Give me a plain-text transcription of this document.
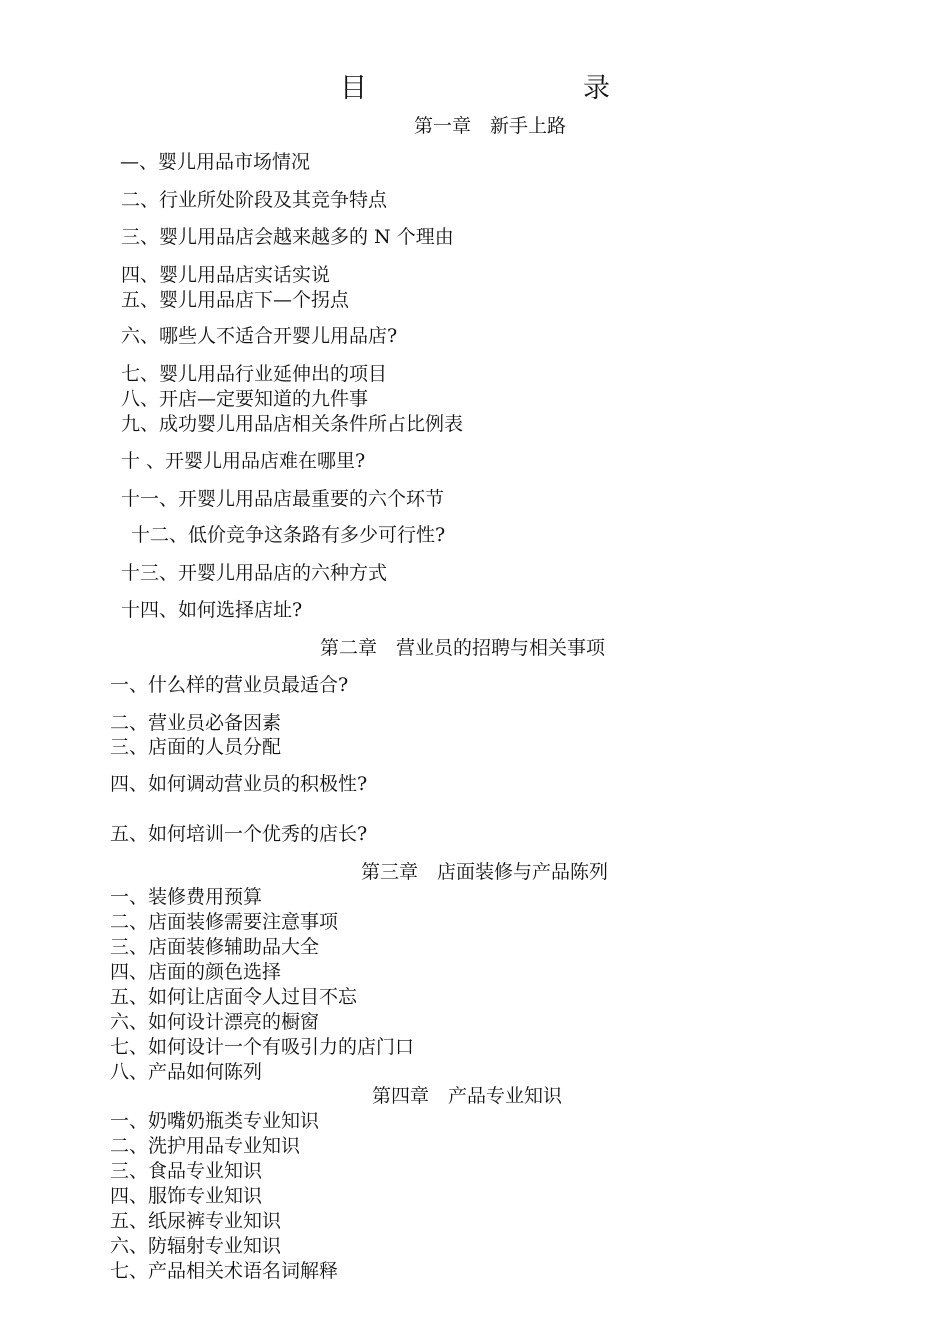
目　　录
第一章　新手上路
—、婴儿用品市场情况
二、行业所处阶段及其竞争特点
三、婴儿用品店会越来越多的 N 个理由
四、婴儿用品店实话实说
五、婴儿用品店下—个拐点
六、哪些人不适合开婴儿用品店?
七、婴儿用品行业延伸出的项目
八、开店—定要知道的九件事
九、成功婴儿用品店相关条件所占比例表
十 、开婴儿用品店难在哪里?
十一、开婴儿用品店最重要的六个环节
十二、低价竞争这条路有多少可行性?
十三、开婴儿用品店的六种方式
十四、如何选择店址?
第二章　营业员的招聘与相关事项
一、什么样的营业员最适合?
二、营业员必备因素
三、店面的人员分配
四、如何调动营业员的积极性?
五、如何培训一个优秀的店长?
第三章　店面装修与产品陈列
一、装修费用预算
二、店面装修需要注意事项
三、店面装修辅助品大全
四、店面的颜色选择
五、如何让店面令人过目不忘
六、如何设计漂亮的橱窗
七、如何设计一个有吸引力的店门口
八、产品如何陈列
第四章　产品专业知识
一、奶嘴奶瓶类专业知识
二、洗护用品专业知识
三、食品专业知识
四、服饰专业知识
五、纸尿裤专业知识
六、防辐射专业知识
七、产品相关术语名词解释
